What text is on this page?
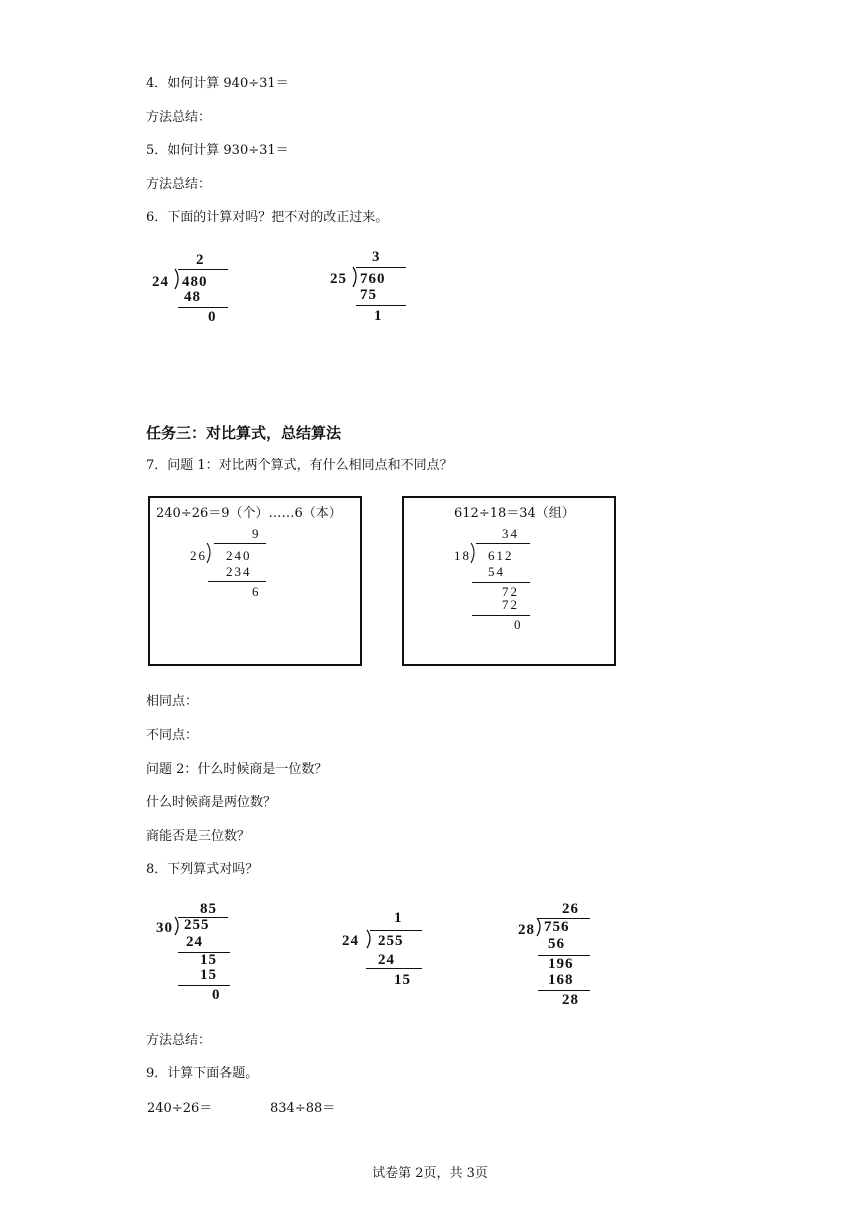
4．如何计算 940÷31＝
方法总结：
5．如何计算 930÷31＝
方法总结：
6．下面的计算对吗？把不对的改正过来。
2
24 480
48
0
3
25 760
75
1
任务三：对比算式，总结算法
7．问题 1：对比两个算式，有什么相同点和不同点？
240÷26＝9（个）……6（本）
9
26 240
234
6
612÷18＝34（组）
34
18 612
54
72
72
0
相同点：
不同点：
问题 2：什么时候商是一位数？
什么时候商是两位数？
商能否是三位数？
8．下列算式对吗？
85
30 255
24
15
15
0
1
24 255
24
15
26
28 756
56
196
168
28
方法总结：
9．计算下面各题。
240÷26＝	834÷88＝
试卷第 2页，共 3页
